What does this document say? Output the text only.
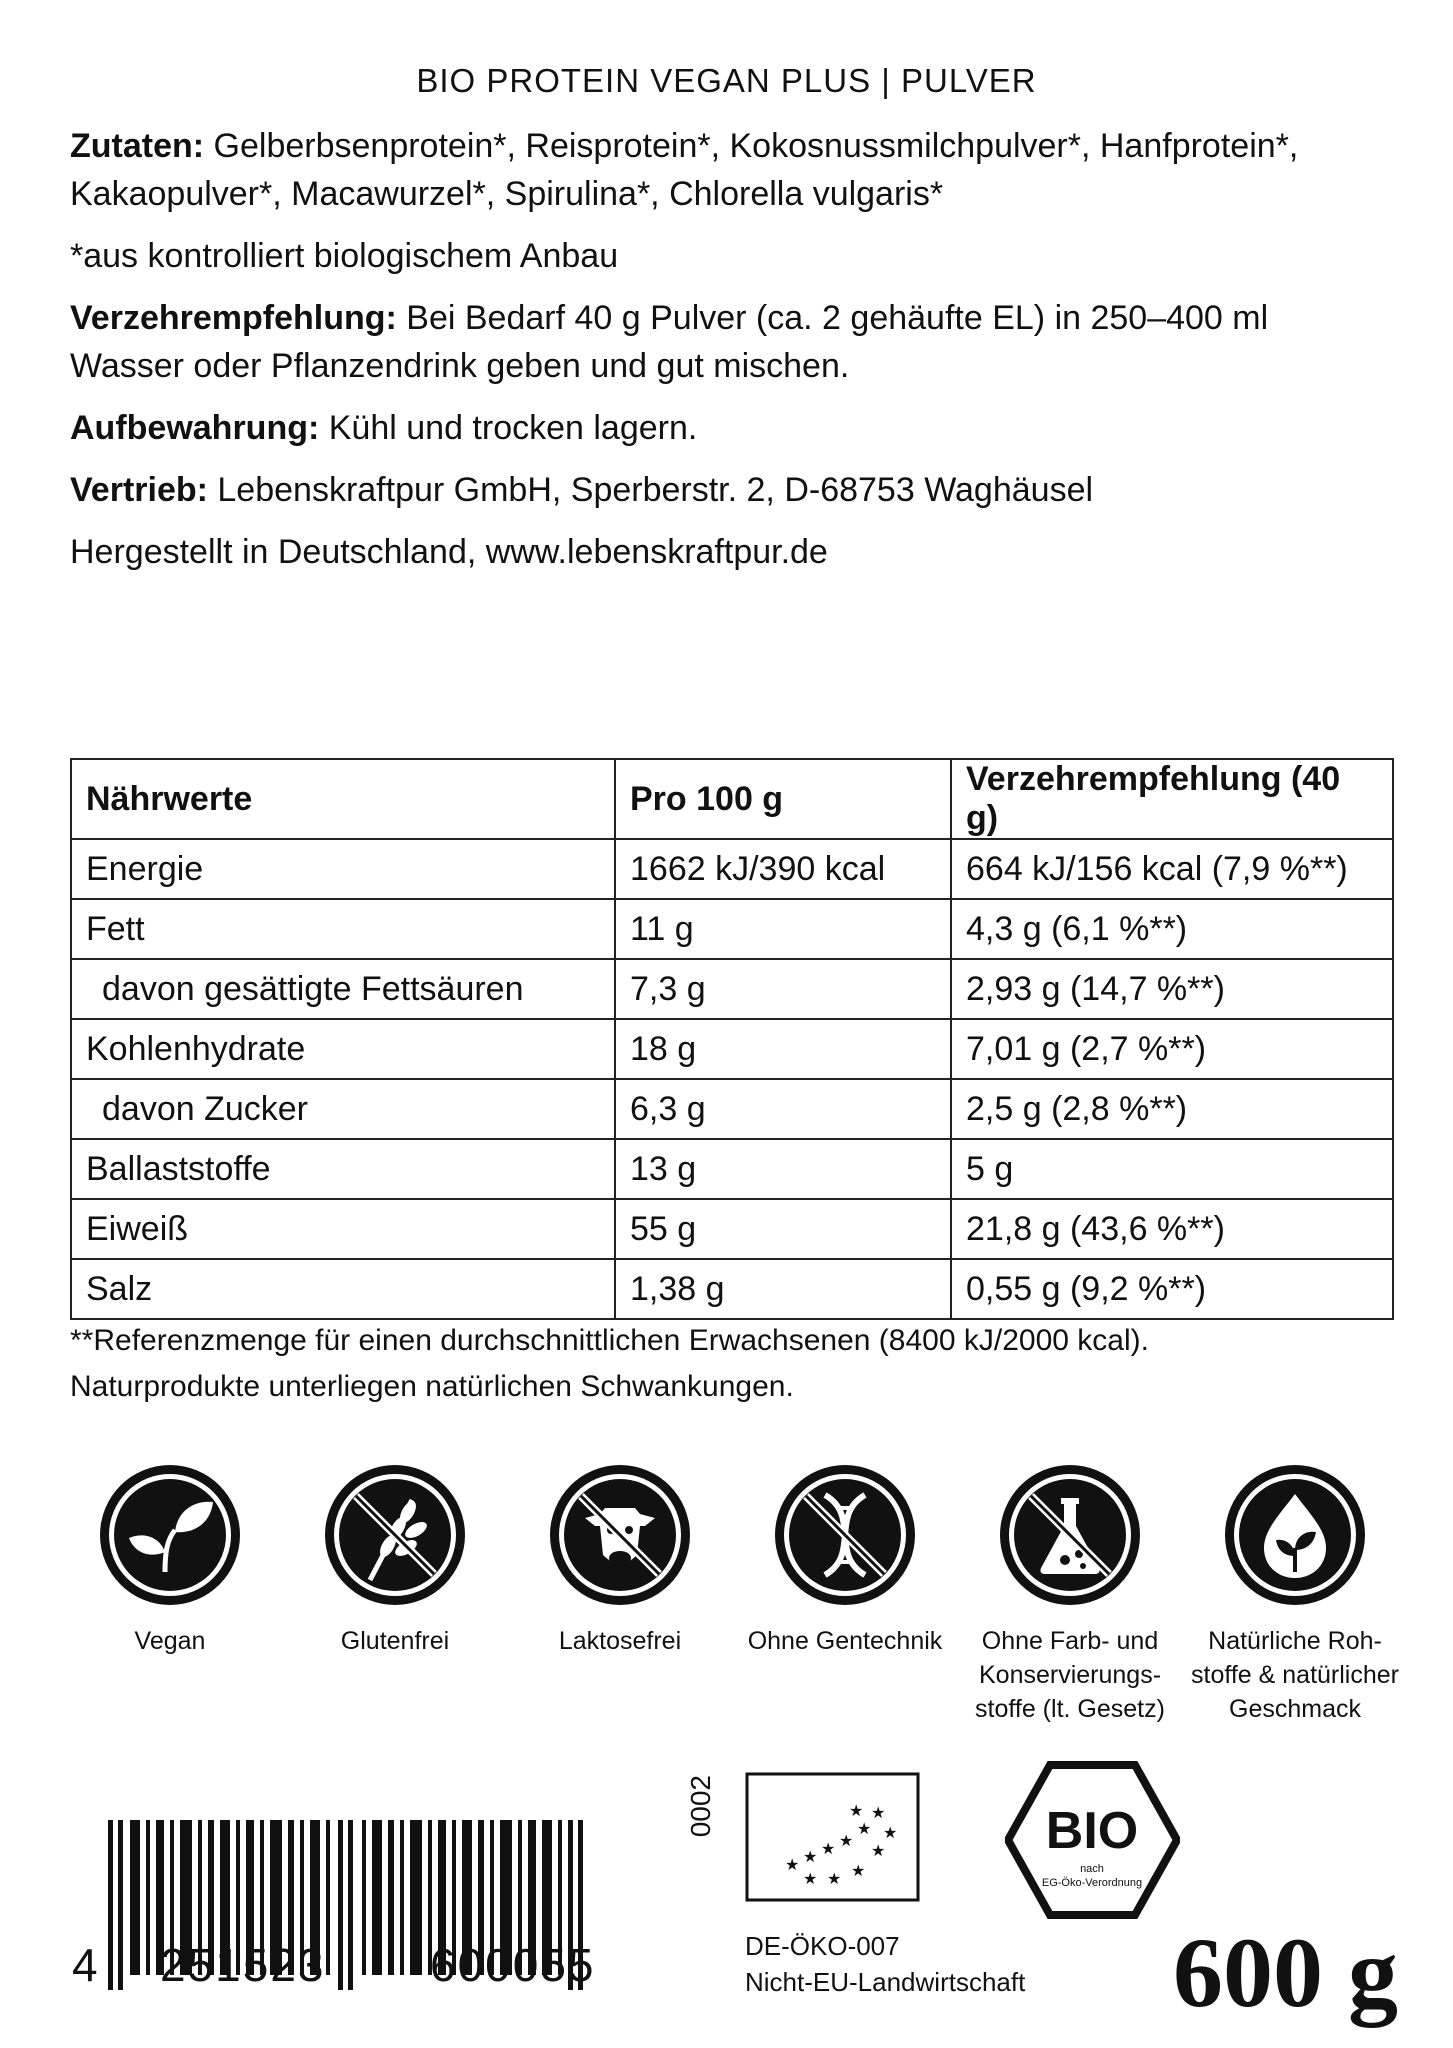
BIO PROTEIN VEGAN PLUS | PULVER

Zutaten: Gelberbsenprotein*, Reisprotein*, Kokosnussmilchpulver*, Hanfprotein*, Kakaopulver*, Macawurzel*, Spirulina*, Chlorella vulgaris*

*aus kontrolliert biologischem Anbau

Verzehrempfehlung: Bei Bedarf 40 g Pulver (ca. 2 gehäufte EL) in 250–400 ml Wasser oder Pflanzendrink geben und gut mischen.

Aufbewahrung: Kühl und trocken lagern.

Vertrieb: Lebenskraftpur GmbH, Sperberstr. 2, D-68753 Waghäusel

Hergestellt in Deutschland, www.lebenskraftpur.de

Nährwerte	Pro 100 g	Verzehrempfehlung (40 g)
Energie	1662 kJ/390 kcal	664 kJ/156 kcal (7,9 %**)
Fett	11 g	4,3 g (6,1 %**)
davon gesättigte Fettsäuren	7,3 g	2,93 g (14,7 %**)
Kohlenhydrate	18 g	7,01 g (2,7 %**)
davon Zucker	6,3 g	2,5 g (2,8 %**)
Ballaststoffe	13 g	5 g
Eiweiß	55 g	21,8 g (43,6 %**)
Salz	1,38 g	0,55 g (9,2 %**)
**Referenzmenge für einen durchschnittlichen Erwachsenen (8400 kJ/2000 kcal).
Naturprodukte unterliegen natürlichen Schwankungen.
Vegan	Glutenfrei	Laktosefrei	Ohne Gentechnik	Ohne Farb- und Konservierungs-stoffe (lt. Gesetz)
Natürliche Roh-stoffe & natürlicher Geschmack
4 251523 600055
0002
★ ★ ★ ★
★
★
★ ★ ★
★
★
★
DE-ÖKO-007
Nicht-EU-Landwirtschaft
BIO
nach
EG-Öko-Verordnung
600 g
